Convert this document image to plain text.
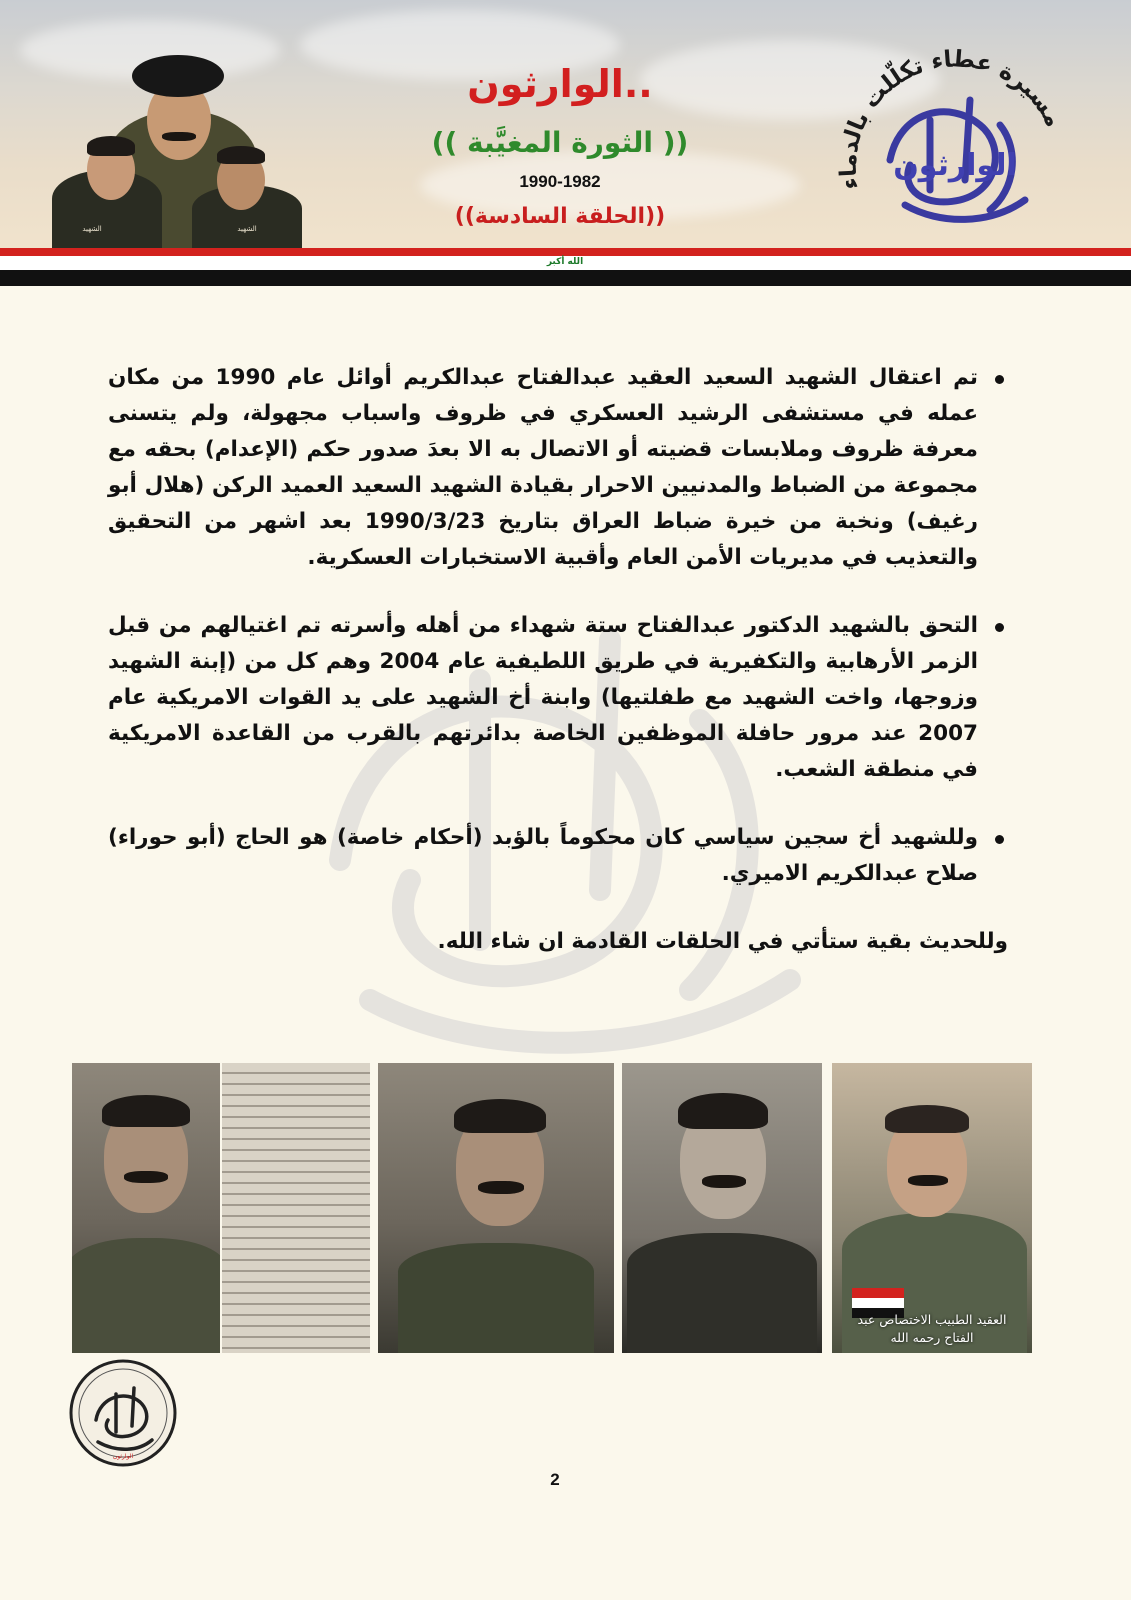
الشهيد	الشهيد
الوارثون..
(( الثورة المغيَّبة ))
1990-1982
((الحلقة السادسة))
مسيرة عطاء تكلّلت بالدماء
الوارثون
الله أكبر

تم اعتقال الشهيد السعيد العقيد عبدالفتاح عبدالكريم أوائل عام 1990 من مكان عمله في مستشفى الرشيد العسكري في ظروف واسباب مجهولة، ولم يتسنى معرفة ظروف وملابسات قضيته أو الاتصال به الا بعدَ صدور حكم (الإعدام) بحقه مع مجموعة من الضباط والمدنيين الاحرار بقيادة الشهيد السعيد العميد الركن (هلال أبو رغيف) ونخبة من خيرة ضباط العراق بتاريخ 1990/3/23 بعد اشهر من التحقيق والتعذيب في مديريات الأمن العام وأقبية الاستخبارات العسكرية.

التحق بالشهيد الدكتور عبدالفتاح ستة شهداء من أهله وأسرته تم اغتيالهم من قبل الزمر الأرهابية والتكفيرية في طريق اللطيفية عام 2004 وهم كل من (إبنة الشهيد وزوجها، واخت الشهيد مع طفلتيها) وابنة أخ الشهيد على يد القوات الامريكية عام 2007 عند مرور حافلة الموظفين الخاصة بدائرتهم بالقرب من القاعدة الامريكية في منطقة الشعب.

وللشهيد أخ سجين سياسي كان محكوماً بالؤبد (أحكام خاصة) هو الحاج (أبو حوراء) صلاح عبدالكريم الاميري.

وللحديث بقية ستأتي في الحلقات القادمة ان شاء الله.

العقيد الطبيب الاختصاص عبد
الفتاح رحمه الله
الوارثون
2
